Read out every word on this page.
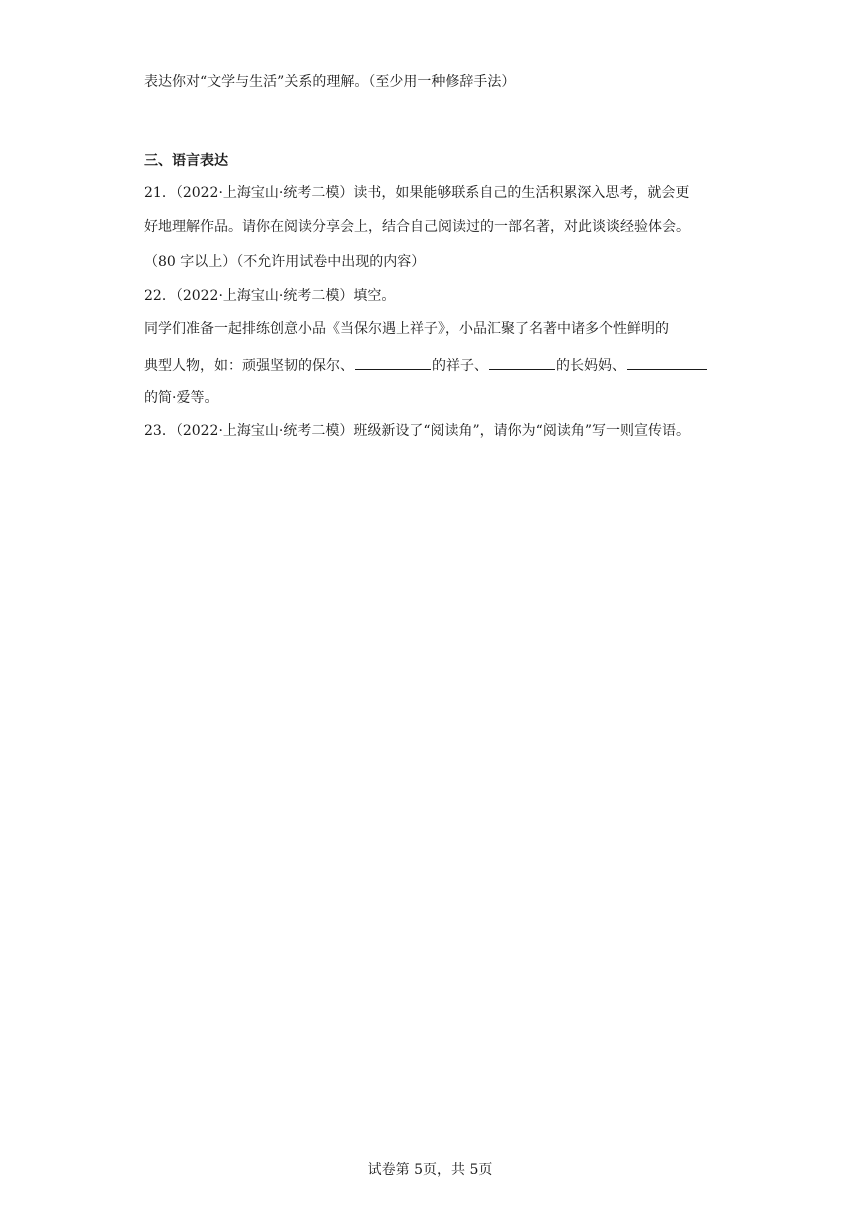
表达你对“文学与生活”关系的理解。（至少用一种修辞手法）
三、语言表达
21．（2022·上海宝山·统考二模）读书，如果能够联系自己的生活积累深入思考，就会更
好地理解作品。请你在阅读分享会上，结合自己阅读过的一部名著，对此谈谈经验体会。
（80 字以上）（不允许用试卷中出现的内容）
22．（2022·上海宝山·统考二模）填空。
同学们准备一起排练创意小品《当保尔遇上祥子》，小品汇聚了名著中诸多个性鲜明的
典型人物，如：顽强坚韧的保尔、	的祥子、	的长妈妈、
的简·爱等。
23．（2022·上海宝山·统考二模）班级新设了“阅读角”，请你为“阅读角”写一则宣传语。
试卷第 5页，共 5页
